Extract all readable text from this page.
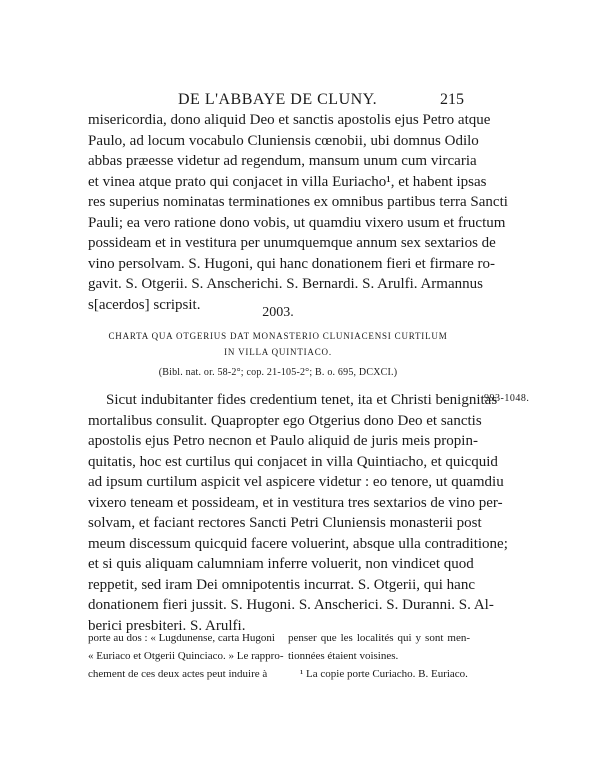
DE L'ABBAYE DE CLUNY.	215
misericordia, dono aliquid Deo et sanctis apostolis ejus Petro atque
Paulo, ad locum vocabulo Cluniensis cœnobii, ubi domnus Odilo
abbas præesse videtur ad regendum, mansum unum cum vircaria
et vinea atque prato qui conjacet in villa Euriacho¹, et habent ipsas
res superius nominatas terminationes ex omnibus partibus terra Sancti
Pauli; ea vero ratione dono vobis, ut quamdiu vixero usum et fructum
possideam et in vestitura per unumquemque annum sex sextarios de
vino persolvam. S. Hugoni, qui hanc donationem fieri et firmare ro-
gavit. S. Otgerii. S. Anscherichi. S. Bernardi. S. Arulfi. Armannus
s[acerdos] scripsit.	2003.
CHARTA QUA OTGERIUS DAT MONASTERIO CLUNIACENSI CURTILUM
IN VILLA QUINTIACO.
(Bibl. nat. or. 58-2°; cop. 21-105-2°; B. o. 695, DCXCI.)
993-1048.
Sicut indubitanter fides credentium tenet, ita et Christi benignitas
mortalibus consulit. Quapropter ego Otgerius dono Deo et sanctis
apostolis ejus Petro necnon et Paulo aliquid de juris meis propin-
quitatis, hoc est curtilus qui conjacet in villa Quintiacho, et quicquid
ad ipsum curtilum aspicit vel aspicere videtur : eo tenore, ut quamdiu
vixero teneam et possideam, et in vestitura tres sextarios de vino per-
solvam, et faciant rectores Sancti Petri Cluniensis monasterii post
meum discessum quicquid facere voluerint, absque ulla contraditione;
et si quis aliquam calumniam inferre voluerit, non vindicet quod
reppetit, sed iram Dei omnipotentis incurrat. S. Otgerii, qui hanc
donationem fieri jussit. S. Hugoni. S. Anscherici. S. Duranni. S. Al-
berici presbiteri. S. Arulfi.
porte au dos : « Lugdunense, carta Hugoni
« Euriaco et Otgerii Quinciaco. » Le rappro-
chement de ces deux actes peut induire à
penser que les localités qui y sont men-
tionnées étaient voisines.
¹ La copie porte Curiacho. B. Euriaco.
